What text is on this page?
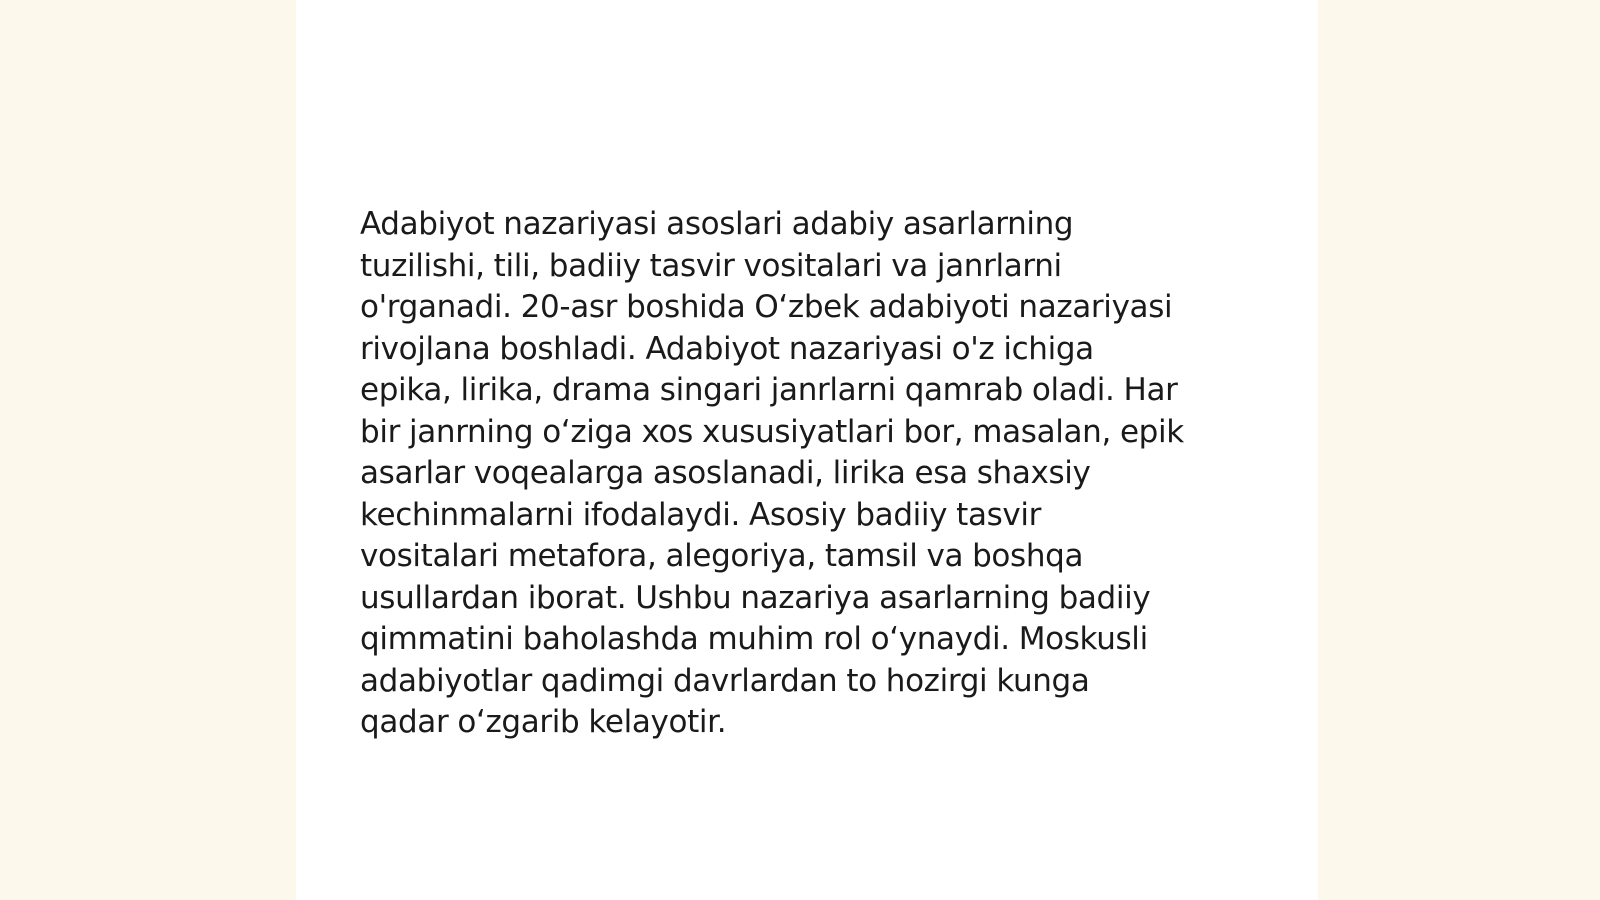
Adabiyot nazariyasi asoslari adabiy asarlarning
tuzilishi, tili, badiiy tasvir vositalari va janrlarni
o'rganadi. 20-asr boshida O‘zbek adabiyoti nazariyasi
rivojlana boshladi. Adabiyot nazariyasi o'z ichiga
epika, lirika, drama singari janrlarni qamrab oladi. Har
bir janrning o‘ziga xos xususiyatlari bor, masalan, epik
asarlar voqealarga asoslanadi, lirika esa shaxsiy
kechinmalarni ifodalaydi. Asosiy badiiy tasvir
vositalari metafora, alegoriya, tamsil va boshqa
usullardan iborat. Ushbu nazariya asarlarning badiiy
qimmatini baholashda muhim rol o‘ynaydi. Moskusli
adabiyotlar qadimgi davrlardan to hozirgi kunga
qadar o‘zgarib kelayotir.
